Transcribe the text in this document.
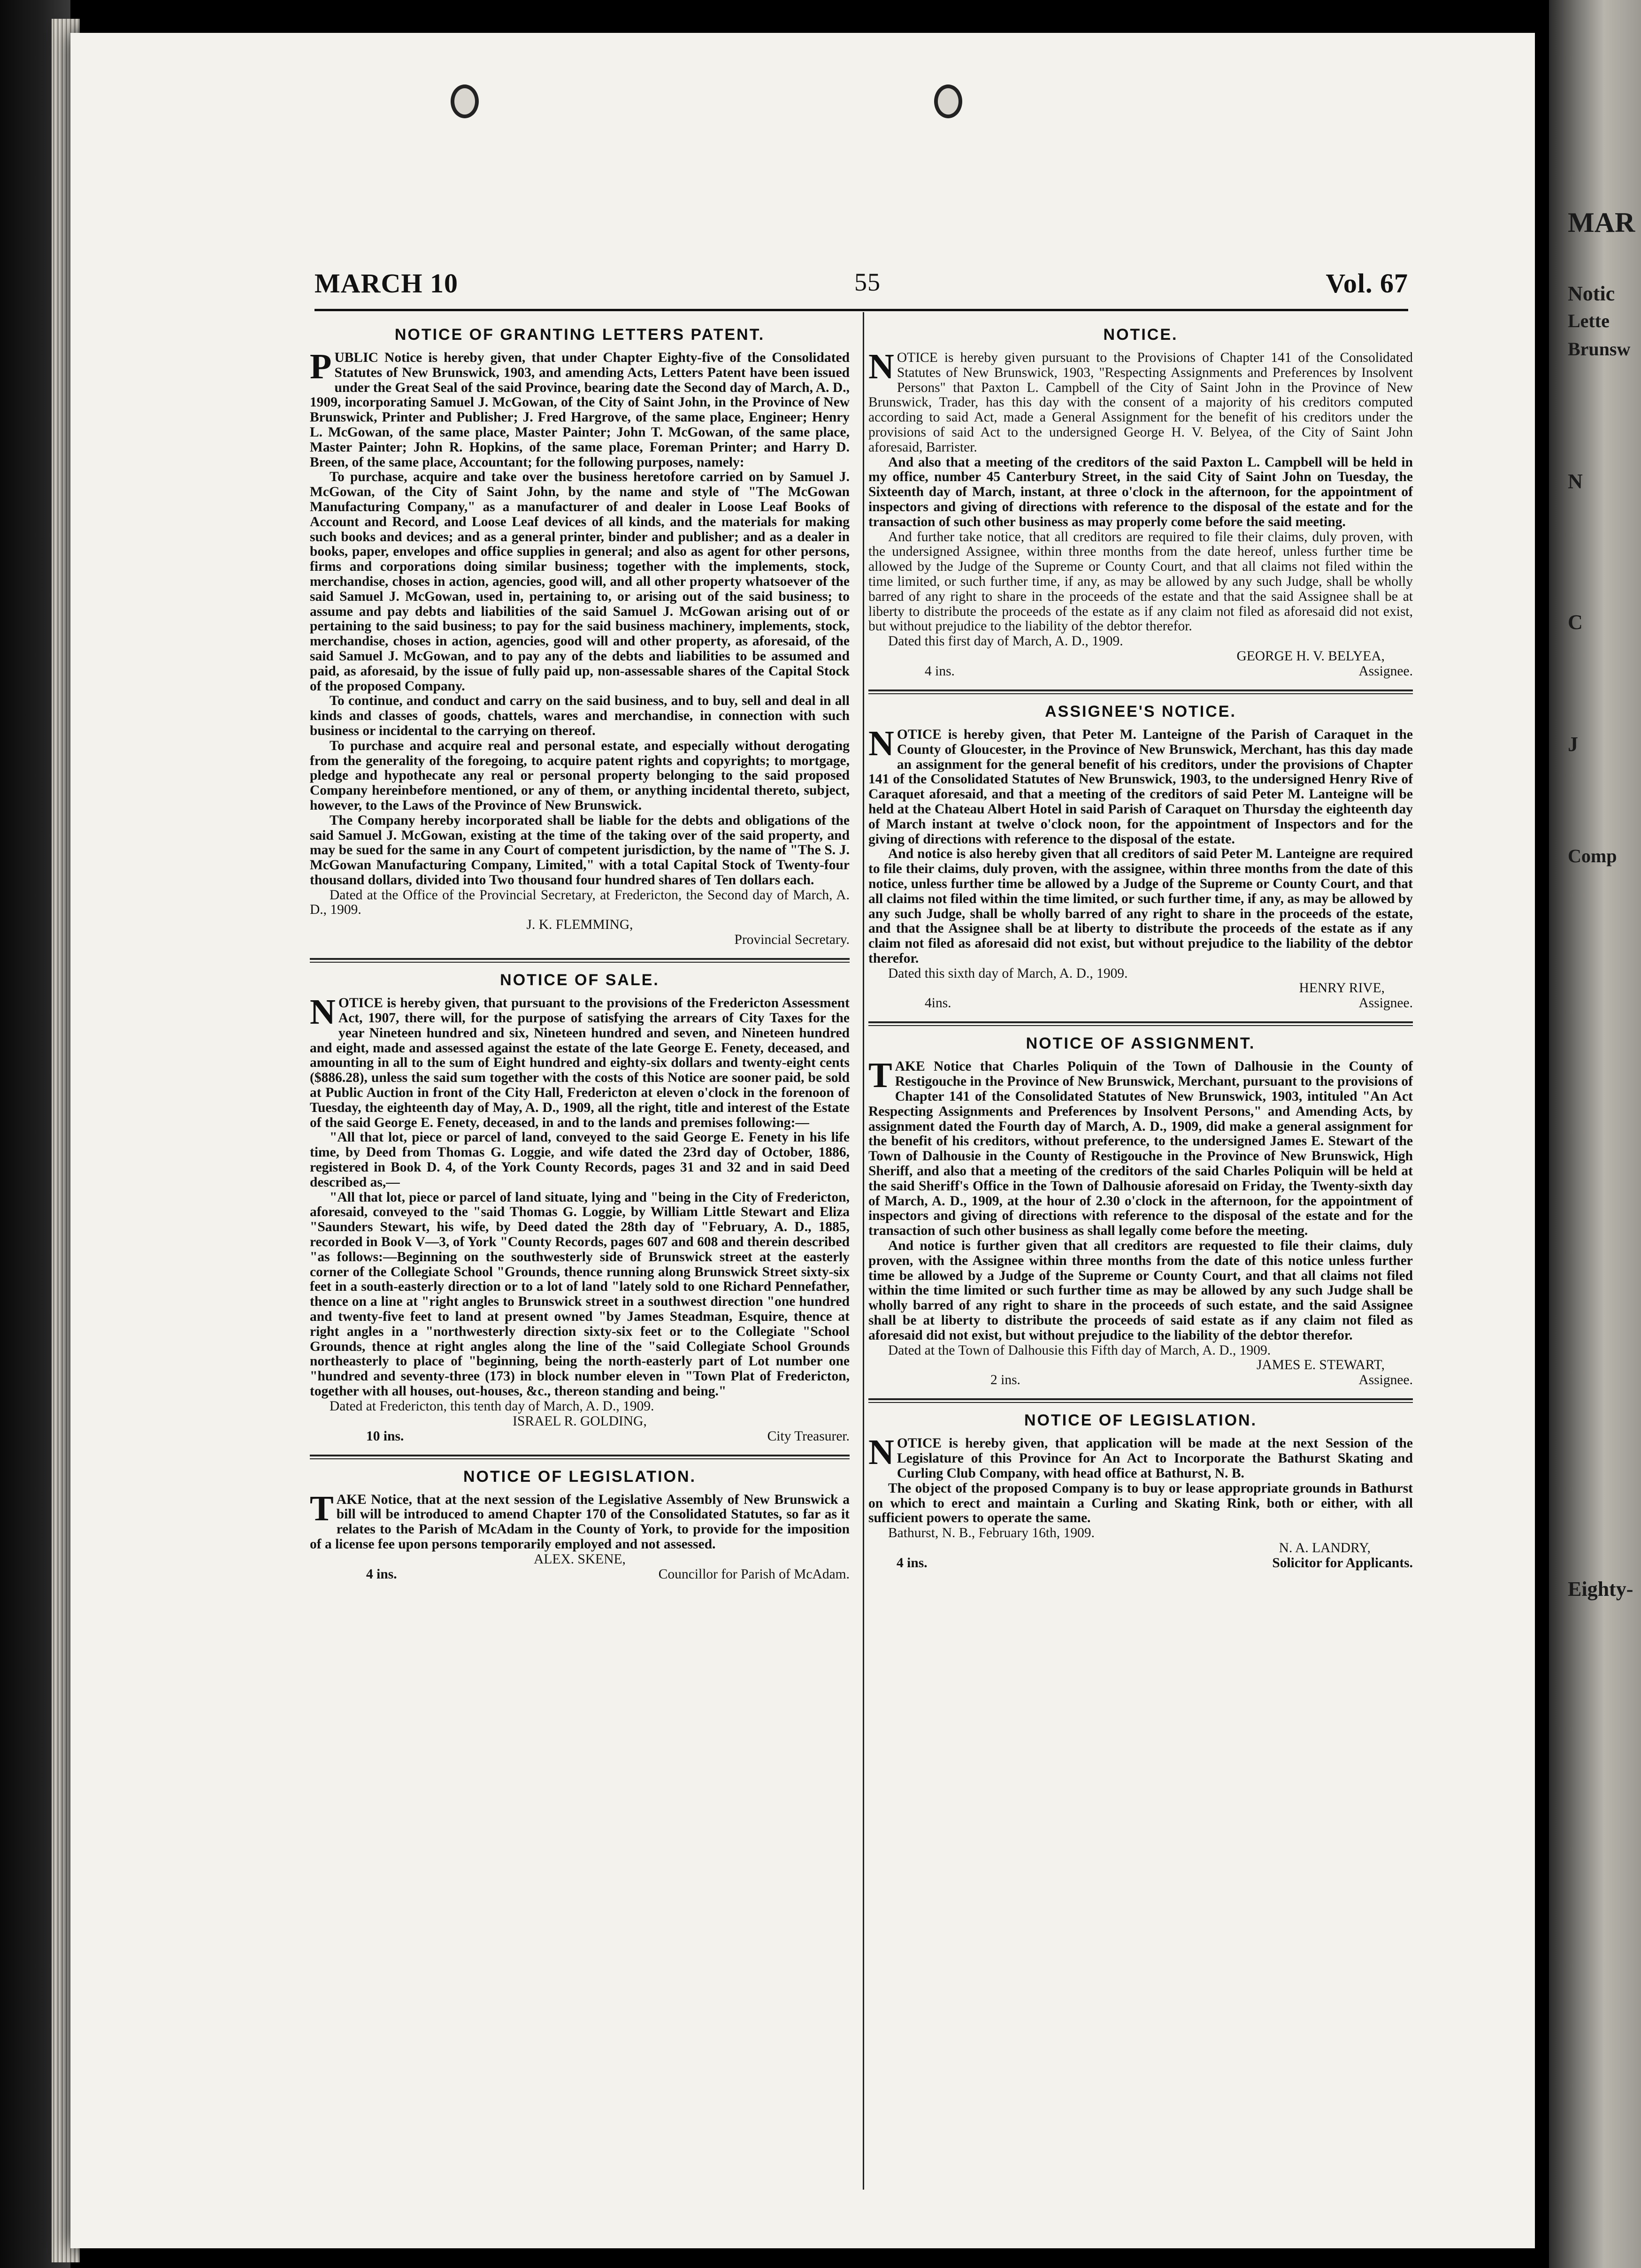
MAR
Notic
Lette
Brunsw
N
C
J
Comp
Eighty-
MARCH 10	55	Vol. 67
NOTICE OF GRANTING LETTERS PATENT.

PUBLIC Notice is hereby given, that under Chapter Eighty-five of the Consolidated Statutes of New Brunswick, 1903, and amending Acts, Letters Patent have been issued under the Great Seal of the said Province, bearing date the Second day of March, A. D., 1909, incorporating Samuel J. McGowan, of the City of Saint John, in the Province of New Brunswick, Printer and Publisher; J. Fred Hargrove, of the same place, Engineer; Henry L. McGowan, of the same place, Master Painter; John T. McGowan, of the same place, Master Painter; John R. Hopkins, of the same place, Foreman Printer; and Harry D. Breen, of the same place, Accountant; for the following purposes, namely:

To purchase, acquire and take over the business heretofore carried on by Samuel J. McGowan, of the City of Saint John, by the name and style of "The McGowan Manufacturing Company," as a manufacturer of and dealer in Loose Leaf Books of Account and Record, and Loose Leaf devices of all kinds, and the materials for making such books and devices; and as a general printer, binder and publisher; and as a dealer in books, paper, envelopes and office supplies in general; and also as agent for other persons, firms and corporations doing similar business; together with the implements, stock, merchandise, choses in action, agencies, good will, and all other property whatsoever of the said Samuel J. McGowan, used in, pertaining to, or arising out of the said business; to assume and pay debts and liabilities of the said Samuel J. McGowan arising out of or pertaining to the said business; to pay for the said business machinery, implements, stock, merchandise, choses in action, agencies, good will and other property, as aforesaid, of the said Samuel J. McGowan, and to pay any of the debts and liabilities to be assumed and paid, as aforesaid, by the issue of fully paid up, non-assessable shares of the Capital Stock of the proposed Company.

To continue, and conduct and carry on the said business, and to buy, sell and deal in all kinds and classes of goods, chattels, wares and merchandise, in connection with such business or incidental to the carrying on thereof.

To purchase and acquire real and personal estate, and especially without derogating from the generality of the foregoing, to acquire patent rights and copyrights; to mortgage, pledge and hypothecate any real or personal property belonging to the said proposed Company hereinbefore mentioned, or any of them, or anything incidental thereto, subject, however, to the Laws of the Province of New Brunswick.

The Company hereby incorporated shall be liable for the debts and obligations of the said Samuel J. McGowan, existing at the time of the taking over of the said property, and may be sued for the same in any Court of competent jurisdiction, by the name of "The S. J. McGowan Manufacturing Company, Limited," with a total Capital Stock of Twenty-four thousand dollars, divided into Two thousand four hundred shares of Ten dollars each.

Dated at the Office of the Provincial Secretary, at Fredericton, the Second day of March, A. D., 1909.

J. K. FLEMMING,
Provincial Secretary.
NOTICE OF SALE.

NOTICE is hereby given, that pursuant to the provisions of the Fredericton Assessment Act, 1907, there will, for the purpose of satisfying the arrears of City Taxes for the year Nineteen hundred and six, Nineteen hundred and seven, and Nineteen hundred and eight, made and assessed against the estate of the late George E. Fenety, deceased, and amounting in all to the sum of Eight hundred and eighty-six dollars and twenty-eight cents ($886.28), unless the said sum together with the costs of this Notice are sooner paid, be sold at Public Auction in front of the City Hall, Fredericton at eleven o'clock in the forenoon of Tuesday, the eighteenth day of May, A. D., 1909, all the right, title and interest of the Estate of the said George E. Fenety, deceased, in and to the lands and premises following:—

"All that lot, piece or parcel of land, conveyed to the said George E. Fenety in his life time, by Deed from Thomas G. Loggie, and wife dated the 23rd day of October, 1886, registered in Book D. 4, of the York County Records, pages 31 and 32 and in said Deed described as,—

"All that lot, piece or parcel of land situate, lying and "being in the City of Fredericton, aforesaid, conveyed to the "said Thomas G. Loggie, by William Little Stewart and Eliza "Saunders Stewart, his wife, by Deed dated the 28th day of "February, A. D., 1885, recorded in Book V—3, of York "County Records, pages 607 and 608 and therein described "as follows:—Beginning on the southwesterly side of Brunswick street at the easterly corner of the Collegiate School "Grounds, thence running along Brunswick Street sixty-six feet in a south-easterly direction or to a lot of land "lately sold to one Richard Pennefather, thence on a line at "right angles to Brunswick street in a southwest direction "one hundred and twenty-five feet to land at present owned "by James Steadman, Esquire, thence at right angles in a "northwesterly direction sixty-six feet or to the Collegiate "School Grounds, thence at right angles along the line of the "said Collegiate School Grounds northeasterly to place of "beginning, being the north-easterly part of Lot number one "hundred and seventy-three (173) in block number eleven in "Town Plat of Fredericton, together with all houses, out-houses, &c., thereon standing and being."

Dated at Fredericton, this tenth day of March, A. D., 1909.

ISRAEL R. GOLDING,
10 ins.	City Treasurer.
NOTICE OF LEGISLATION.

TAKE Notice, that at the next session of the Legislative Assembly of New Brunswick a bill will be introduced to amend Chapter 170 of the Consolidated Statutes, so far as it relates to the Parish of McAdam in the County of York, to provide for the imposition of a license fee upon persons temporarily employed and not assessed.

ALEX. SKENE,
4 ins.	Councillor for Parish of McAdam.
NOTICE.

NOTICE is hereby given pursuant to the Provisions of Chapter 141 of the Consolidated Statutes of New Brunswick, 1903, "Respecting Assignments and Preferences by Insolvent Persons" that Paxton L. Campbell of the City of Saint John in the Province of New Brunswick, Trader, has this day with the consent of a majority of his creditors computed according to said Act, made a General Assignment for the benefit of his creditors under the provisions of said Act to the undersigned George H. V. Belyea, of the City of Saint John aforesaid, Barrister.

And also that a meeting of the creditors of the said Paxton L. Campbell will be held in my office, number 45 Canterbury Street, in the said City of Saint John on Tuesday, the Sixteenth day of March, instant, at three o'clock in the afternoon, for the appointment of inspectors and giving of directions with reference to the disposal of the estate and for the transaction of such other business as may properly come before the said meeting.

And further take notice, that all creditors are required to file their claims, duly proven, with the undersigned Assignee, within three months from the date hereof, unless further time be allowed by the Judge of the Supreme or County Court, and that all claims not filed within the time limited, or such further time, if any, as may be allowed by any such Judge, shall be wholly barred of any right to share in the proceeds of the estate and that the said Assignee shall be at liberty to distribute the proceeds of the estate as if any claim not filed as aforesaid did not exist, but without prejudice to the liability of the debtor therefor.

Dated this first day of March, A. D., 1909.

GEORGE H. V. BELYEA,
4 ins.	Assignee.
ASSIGNEE'S NOTICE.

NOTICE is hereby given, that Peter M. Lanteigne of the Parish of Caraquet in the County of Gloucester, in the Province of New Brunswick, Merchant, has this day made an assignment for the general benefit of his creditors, under the provisions of Chapter 141 of the Consolidated Statutes of New Brunswick, 1903, to the undersigned Henry Rive of Caraquet aforesaid, and that a meeting of the creditors of said Peter M. Lanteigne will be held at the Chateau Albert Hotel in said Parish of Caraquet on Thursday the eighteenth day of March instant at twelve o'clock noon, for the appointment of Inspectors and for the giving of directions with reference to the disposal of the estate.

And notice is also hereby given that all creditors of said Peter M. Lanteigne are required to file their claims, duly proven, with the assignee, within three months from the date of this notice, unless further time be allowed by a Judge of the Supreme or County Court, and that all claims not filed within the time limited, or such further time, if any, as may be allowed by any such Judge, shall be wholly barred of any right to share in the proceeds of the estate, and that the Assignee shall be at liberty to distribute the proceeds of the estate as if any claim not filed as aforesaid did not exist, but without prejudice to the liability of the debtor therefor.

Dated this sixth day of March, A. D., 1909.

HENRY RIVE,
4ins.	Assignee.
NOTICE OF ASSIGNMENT.

TAKE Notice that Charles Poliquin of the Town of Dalhousie in the County of Restigouche in the Province of New Brunswick, Merchant, pursuant to the provisions of Chapter 141 of the Consolidated Statutes of New Brunswick, 1903, intituled "An Act Respecting Assignments and Preferences by Insolvent Persons," and Amending Acts, by assignment dated the Fourth day of March, A. D., 1909, did make a general assignment for the benefit of his creditors, without preference, to the undersigned James E. Stewart of the Town of Dalhousie in the County of Restigouche in the Province of New Brunswick, High Sheriff, and also that a meeting of the creditors of the said Charles Poliquin will be held at the said Sheriff's Office in the Town of Dalhousie aforesaid on Friday, the Twenty-sixth day of March, A. D., 1909, at the hour of 2.30 o'clock in the afternoon, for the appointment of inspectors and giving of directions with reference to the disposal of the estate and for the transaction of such other business as shall legally come before the meeting.

And notice is further given that all creditors are requested to file their claims, duly proven, with the Assignee within three months from the date of this notice unless further time be allowed by a Judge of the Supreme or County Court, and that all claims not filed within the time limited or such further time as may be allowed by any such Judge shall be wholly barred of any right to share in the proceeds of such estate, and the said Assignee shall be at liberty to distribute the proceeds of said estate as if any claim not filed as aforesaid did not exist, but without prejudice to the liability of the debtor therefor.

Dated at the Town of Dalhousie this Fifth day of March, A. D., 1909.

JAMES E. STEWART,
2 ins.	Assignee.
NOTICE OF LEGISLATION.

NOTICE is hereby given, that application will be made at the next Session of the Legislature of this Province for An Act to Incorporate the Bathurst Skating and Curling Club Company, with head office at Bathurst, N. B.

The object of the proposed Company is to buy or lease appropriate grounds in Bathurst on which to erect and maintain a Curling and Skating Rink, both or either, with all sufficient powers to operate the same.

Bathurst, N. B., February 16th, 1909.

N. A. LANDRY,
4 ins.	Solicitor for Applicants.
